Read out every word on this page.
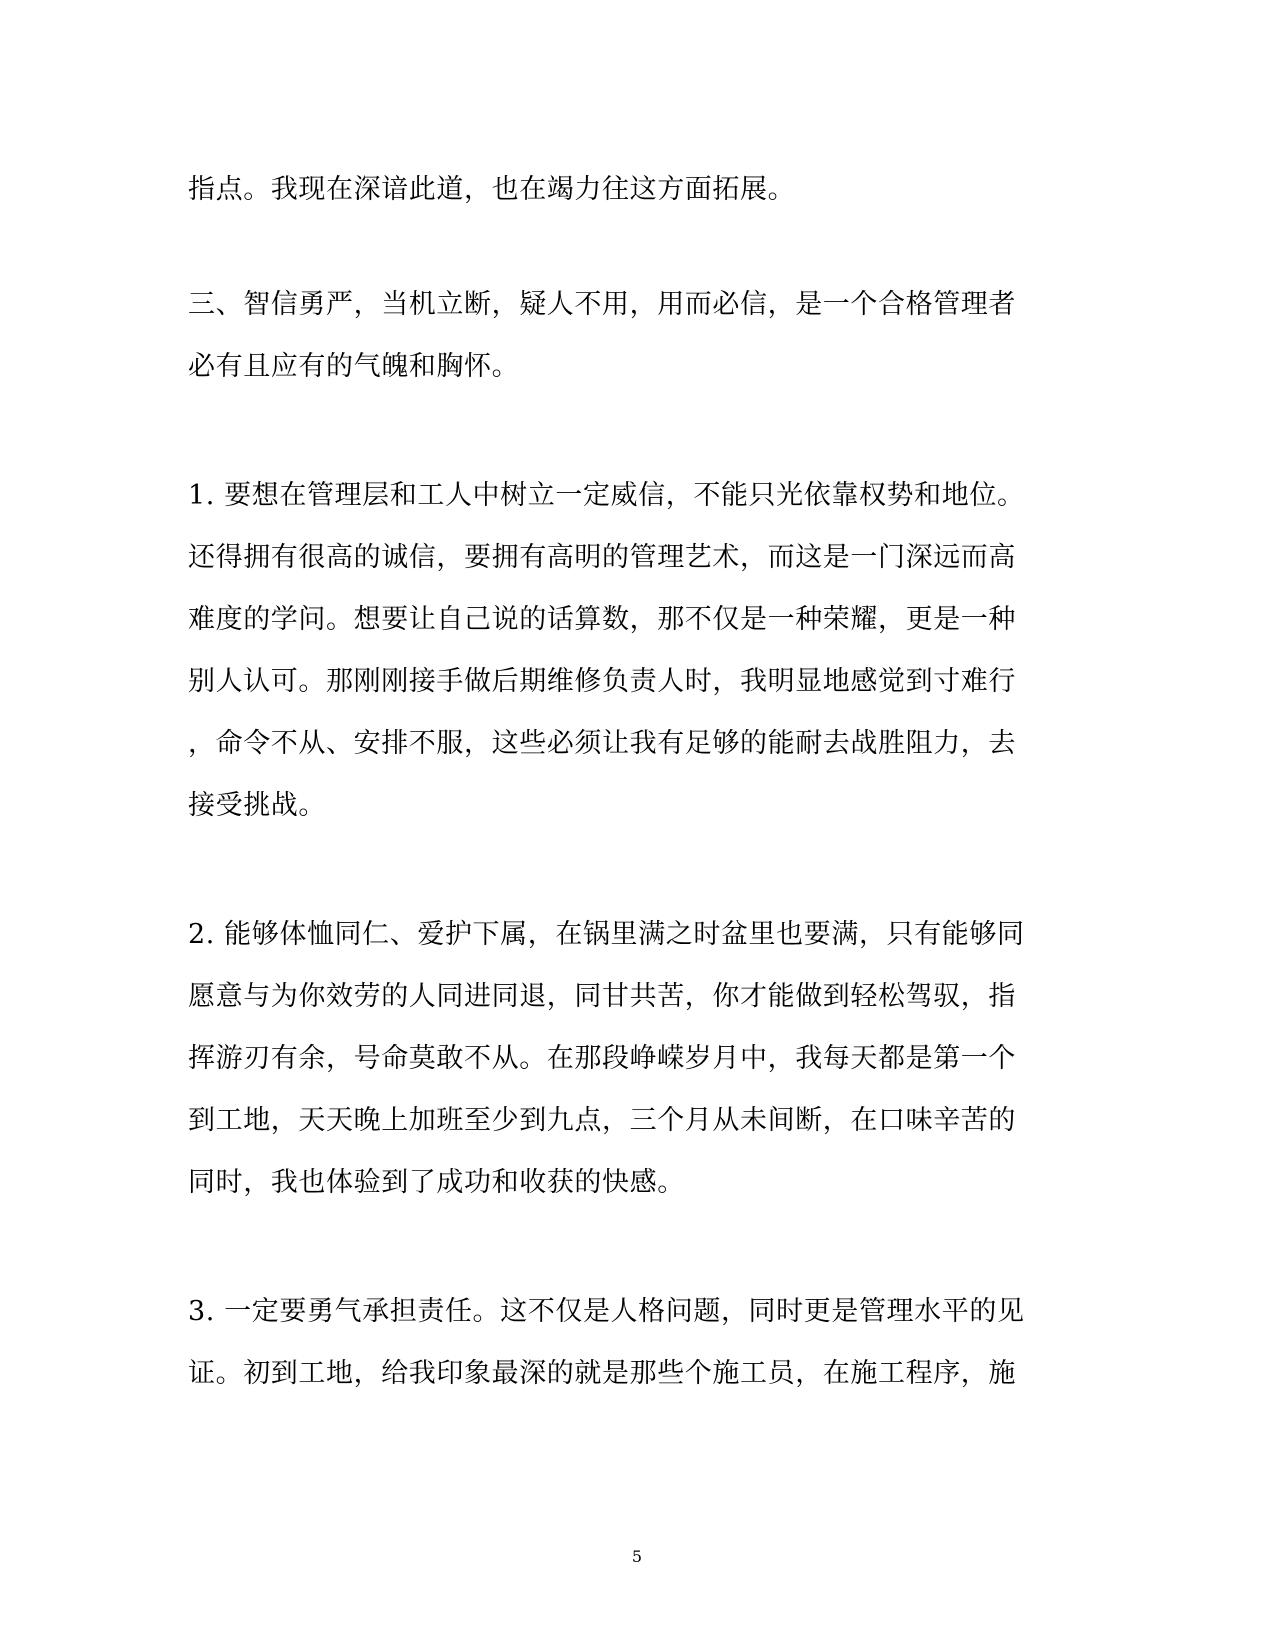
指点。我现在深谙此道，也在竭力往这方面拓展。
三、智信勇严，当机立断，疑人不用，用而必信，是一个合格管理者
必有且应有的气魄和胸怀。
1. 要想在管理层和工人中树立一定威信，不能只光依靠权势和地位。
还得拥有很高的诚信，要拥有高明的管理艺术，而这是一门深远而高
难度的学问。想要让自己说的话算数，那不仅是一种荣耀，更是一种
别人认可。那刚刚接手做后期维修负责人时，我明显地感觉到寸难行
，命令不从、安排不服，这些必须让我有足够的能耐去战胜阻力，去
接受挑战。
2. 能够体恤同仁、爱护下属，在锅里满之时盆里也要满，只有能够同
愿意与为你效劳的人同进同退，同甘共苦，你才能做到轻松驾驭，指
挥游刃有余，号命莫敢不从。在那段峥嵘岁月中，我每天都是第一个
到工地，天天晚上加班至少到九点，三个月从未间断，在口味辛苦的
同时，我也体验到了成功和收获的快感。
3. 一定要勇气承担责任。这不仅是人格问题，同时更是管理水平的见
证。初到工地，给我印象最深的就是那些个施工员，在施工程序，施
5
